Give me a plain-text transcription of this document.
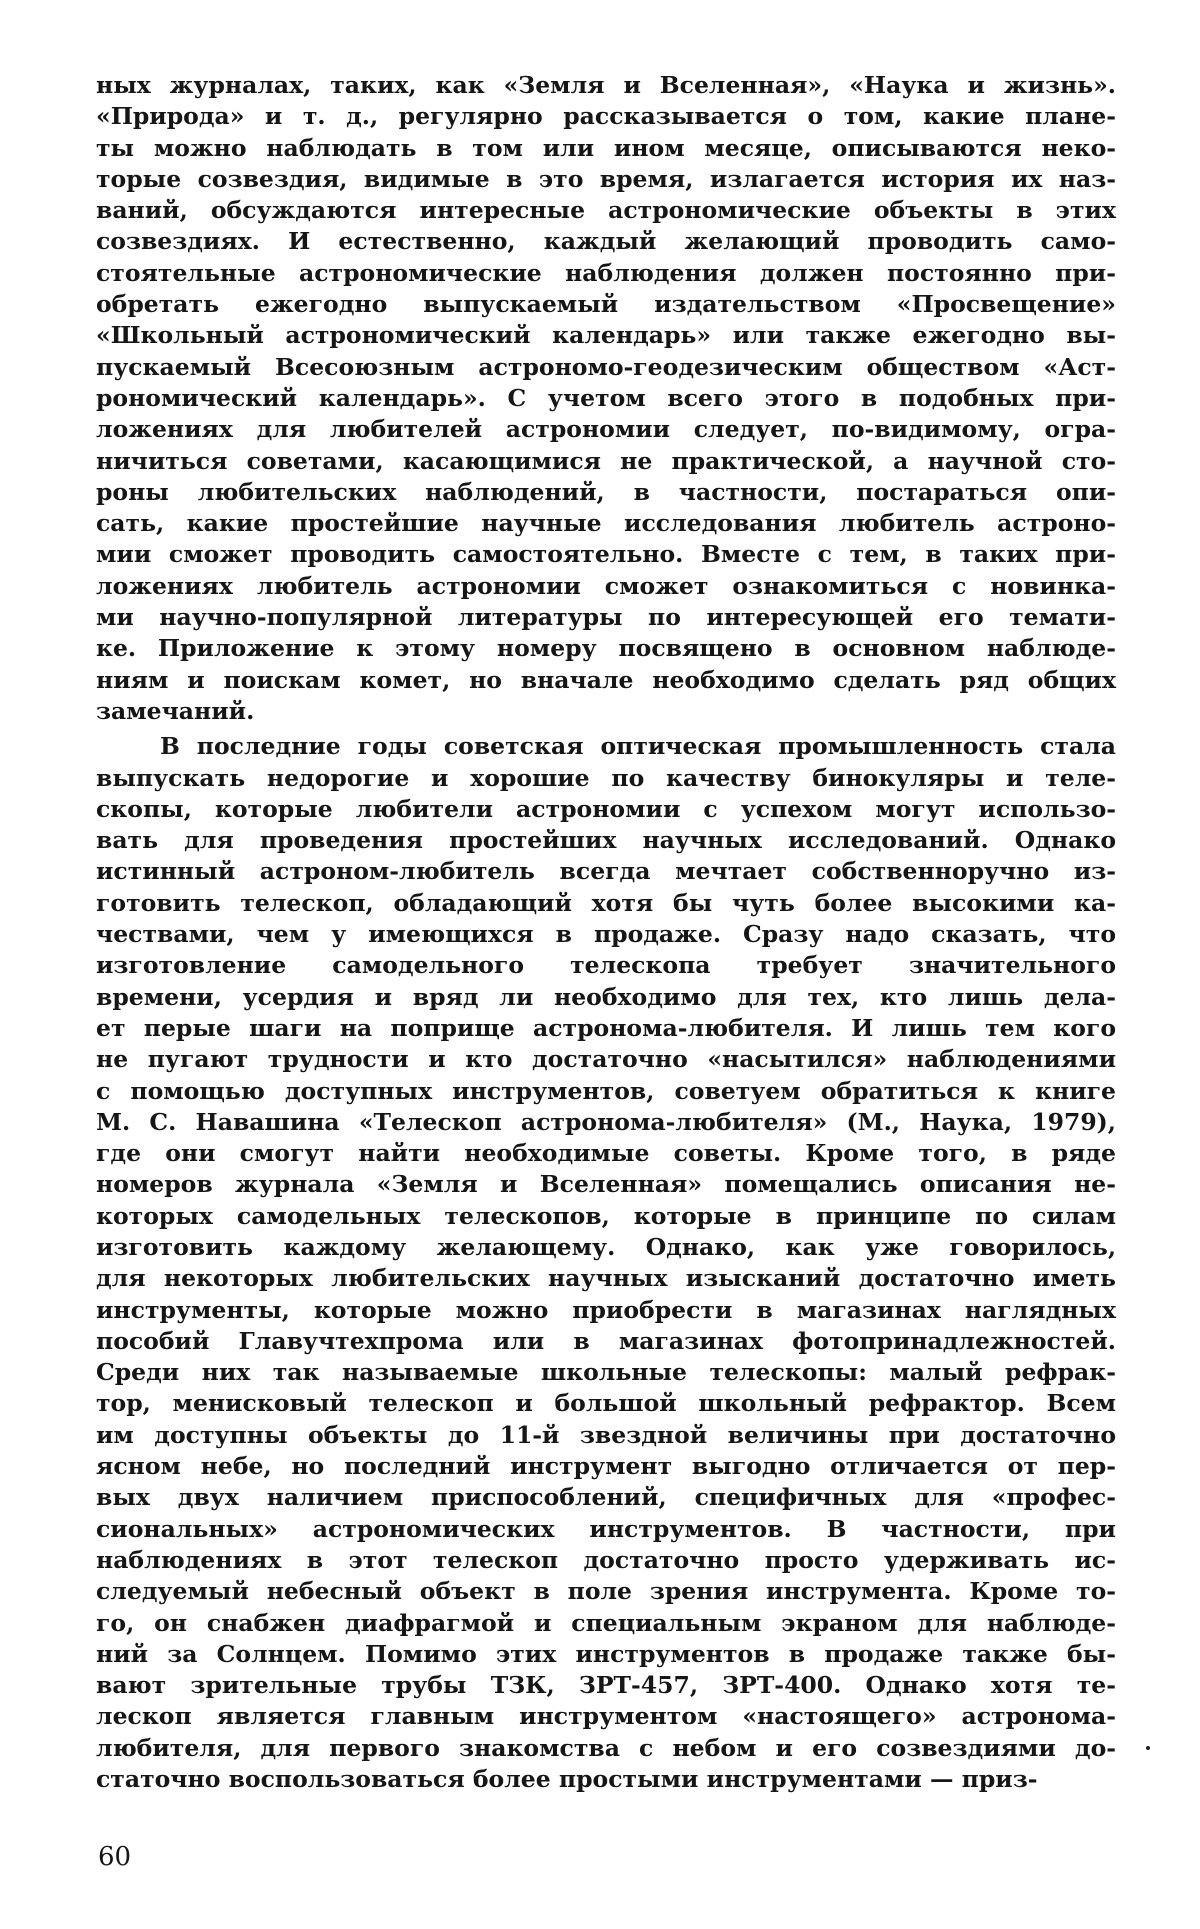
ных журналах, таких, как «Земля и Вселенная», «Наука и жизнь».
«Природа» и т. д., регулярно рассказывается о том, какие плане-
ты можно наблюдать в том или ином месяце, описываются неко-
торые созвездия, видимые в это время, излагается история их наз-
ваний, обсуждаются интересные астрономические объекты в этих
созвездиях. И естественно, каждый желающий проводить само-
стоятельные астрономические наблюдения должен постоянно при-
обретать ежегодно выпускаемый издательством «Просвещение»
«Школьный астрономический календарь» или также ежегодно вы-
пускаемый Всесоюзным астрономо-геодезическим обществом «Аст-
рономический календарь». С учетом всего этого в подобных при-
ложениях для любителей астрономии следует, по-видимому, огра-
ничиться советами, касающимися не практической, а научной сто-
роны любительских наблюдений, в частности, постараться опи-
сать, какие простейшие научные исследования любитель астроно-
мии сможет проводить самостоятельно. Вместе с тем, в таких при-
ложениях любитель астрономии сможет ознакомиться с новинка-
ми научно-популярной литературы по интересующей его темати-
ке. Приложение к этому номеру посвящено в основном наблюде-
ниям и поискам комет, но вначале необходимо сделать ряд общих
замечаний.
В последние годы советская оптическая промышленность стала
выпускать недорогие и хорошие по качеству бинокуляры и теле-
скопы, которые любители астрономии с успехом могут использо-
вать для проведения простейших научных исследований. Однако
истинный астроном-любитель всегда мечтает собственноручно из-
готовить телескоп, обладающий хотя бы чуть более высокими ка-
чествами, чем у имеющихся в продаже. Сразу надо сказать, что
изготовление самодельного телескопа требует значительного
времени, усердия и вряд ли необходимо для тех, кто лишь дела-
ет перые шаги на поприще астронома-любителя. И лишь тем кого
не пугают трудности и кто достаточно «насытился» наблюдениями
с помощью доступных инструментов, советуем обратиться к книге
М. С. Навашина «Телескоп астронома-любителя» (М., Наука, 1979),
где они смогут найти необходимые советы. Кроме того, в ряде
номеров журнала «Земля и Вселенная» помещались описания не-
которых самодельных телескопов, которые в принципе по силам
изготовить каждому желающему. Однако, как уже говорилось,
для некоторых любительских научных изысканий достаточно иметь
инструменты, которые можно приобрести в магазинах наглядных
пособий Главучтехпрома или в магазинах фотопринадлежностей.
Среди них так называемые школьные телескопы: малый рефрак-
тор, менисковый телескоп и большой школьный рефрактор. Всем
им доступны объекты до 11-й звездной величины при достаточно
ясном небе, но последний инструмент выгодно отличается от пер-
вых двух наличием приспособлений, специфичных для «профес-
сиональных» астрономических инструментов. В частности, при
наблюдениях в этот телескоп достаточно просто удерживать ис-
следуемый небесный объект в поле зрения инструмента. Кроме то-
го, он снабжен диафрагмой и специальным экраном для наблюде-
ний за Солнцем. Помимо этих инструментов в продаже также бы-
вают зрительные трубы ТЗК, ЗРТ-457, ЗРТ-400. Однако хотя те-
лескоп является главным инструментом «настоящего» астронома-
любителя, для первого знакомства с небом и его созвездиями до-
статочно воспользоваться более простыми инструментами — приз-
60
